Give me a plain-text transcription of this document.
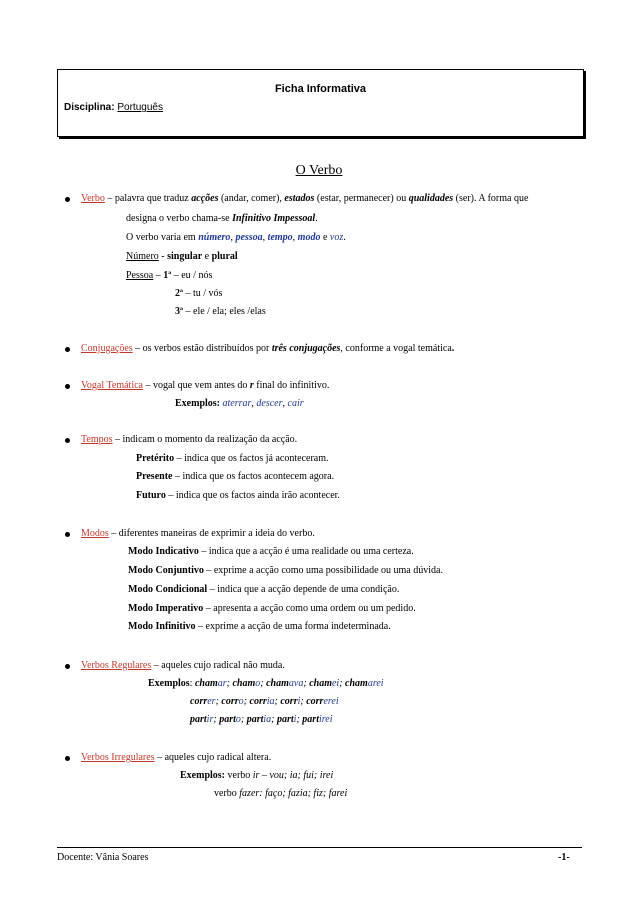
Ficha Informativa
Disciplina: Português
O Verbo
Verbo – palavra que traduz acções (andar, comer), estados (estar, permanecer) ou qualidades (ser). A forma que
designa o verbo chama-se Infinitivo Impessoal.
O verbo varia em número, pessoa, tempo, modo e voz.
Número - singular e plural
Pessoa – 1ª – eu / nós
2ª – tu / vós
3ª – ele / ela; eles /elas
Conjugações – os verbos estão distribuídos por três conjugações, conforme a vogal temática.
Vogal Temática – vogal que vem antes do r final do infinitivo.
Exemplos: aterrar, descer, cair
Tempos – indicam o momento da realização da acção.
Pretérito – indica que os factos já aconteceram.
Presente – indica que os factos acontecem agora.
Futuro – indica que os factos ainda irão acontecer.
Modos – diferentes maneiras de exprimir a ideia do verbo.
Modo Indicativo – indica que a acção é uma realidade ou uma certeza.
Modo Conjuntivo – exprime a acção como uma possibilidade ou uma dúvida.
Modo Condicional – indica que a acção depende de uma condição.
Modo Imperativo – apresenta a acção como uma ordem ou um pedido.
Modo Infinitivo – exprime a acção de uma forma indeterminada.
Verbos Regulares – aqueles cujo radical não muda.
Exemplos: chamar; chamo; chamava; chamei; chamarei
correr; corro; corria; corri; correrei
partir; parto; partia; parti; partirei
Verbos Irregulares – aqueles cujo radical altera.
Exemplos: verbo ir – vou; ia; fui; irei
verbo fazer: faço; fazia; fiz; farei
Docente: Vânia Soares	-1-
